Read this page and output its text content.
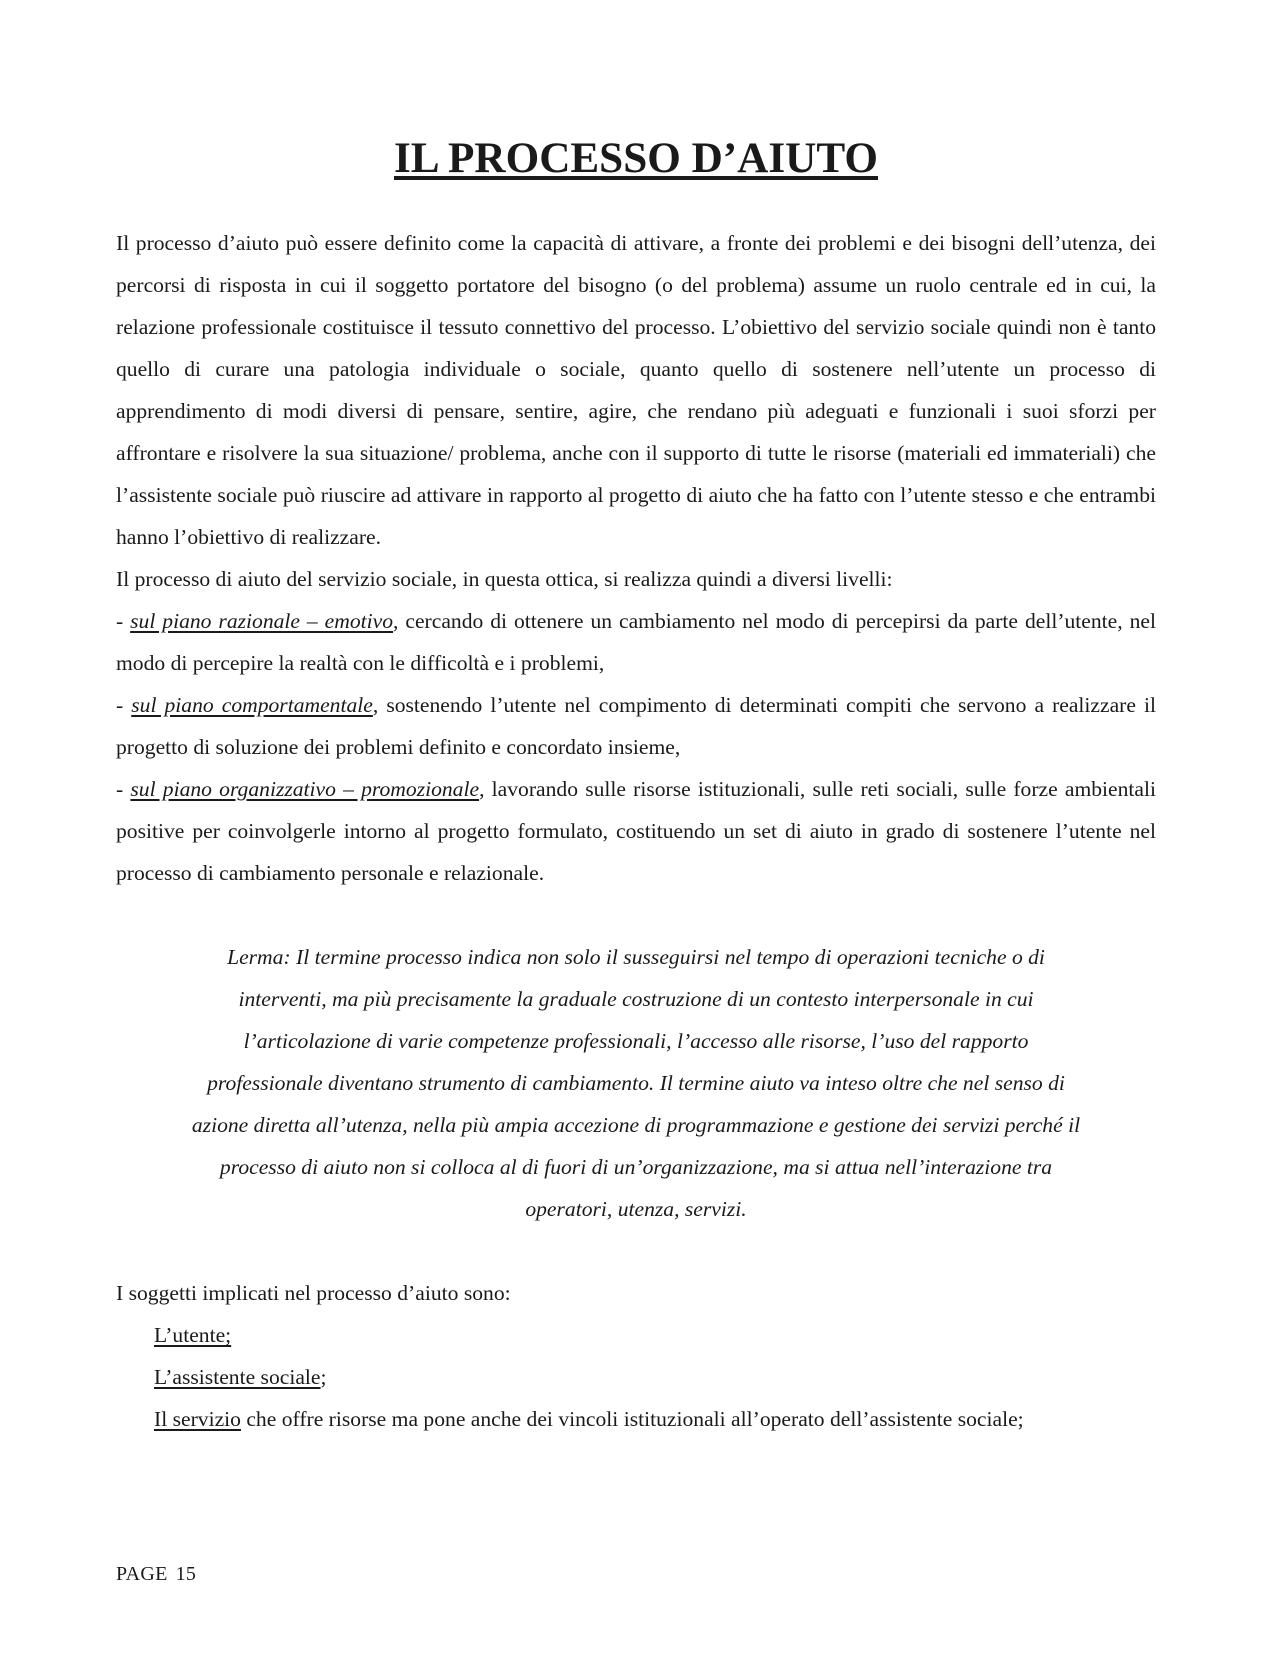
IL PROCESSO D’AIUTO

Il processo d’aiuto può essere definito come la capacità di attivare, a fronte dei problemi e dei bisogni dell’utenza, dei percorsi di risposta in cui il soggetto portatore del bisogno (o del problema) assume un ruolo centrale ed in cui, la relazione professionale costituisce il tessuto connettivo del processo. L’obiettivo del servizio sociale quindi non è tanto quello di curare una patologia individuale o sociale, quanto quello di sostenere nell’utente un processo di apprendimento di modi diversi di pensare, sentire, agire, che rendano più adeguati e funzionali i suoi sforzi per affrontare e risolvere la sua situazione/ problema, anche con il supporto di tutte le risorse (materiali ed immateriali) che l’assistente sociale può riuscire ad attivare in rapporto al progetto di aiuto che ha fatto con l’utente stesso e che entrambi hanno l’obiettivo di realizzare.

Il processo di aiuto del servizio sociale, in questa ottica, si realizza quindi a diversi livelli:

- sul piano razionale – emotivo, cercando di ottenere un cambiamento nel modo di percepirsi da parte dell’utente, nel modo di percepire la realtà con le difficoltà e i problemi,

- sul piano comportamentale, sostenendo l’utente nel compimento di determinati compiti che servono a realizzare il progetto di soluzione dei problemi definito e concordato insieme,

- sul piano organizzativo – promozionale, lavorando sulle risorse istituzionali, sulle reti sociali, sulle forze ambientali positive per coinvolgerle intorno al progetto formulato, costituendo un set di aiuto in grado di sostenere l’utente nel processo di cambiamento personale e relazionale.

Lerma: Il termine processo indica non solo il susseguirsi nel tempo di operazioni tecniche o di

interventi, ma più precisamente la graduale costruzione di un contesto interpersonale in cui

l’articolazione di varie competenze professionali, l’accesso alle risorse, l’uso del rapporto

professionale diventano strumento di cambiamento. Il termine aiuto va inteso oltre che nel senso di

azione diretta all’utenza, nella più ampia accezione di programmazione e gestione dei servizi perché il

processo di aiuto non si colloca al di fuori di un’organizzazione, ma si attua nell’interazione tra

operatori, utenza, servizi.

I soggetti implicati nel processo d’aiuto sono:

L’utente;

L’assistente sociale;

Il servizio che offre risorse ma pone anche dei vincoli istituzionali all’operato dell’assistente sociale;

PAGE 15
